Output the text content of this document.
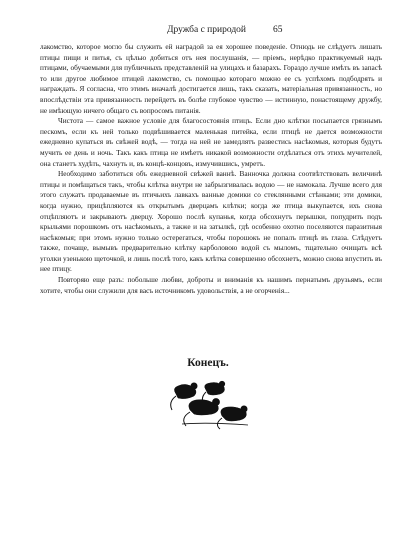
Дружба с природой	65

лакомство, которое могло бы служить ей наградой за ея хорошее поведеніе. Отнюдь не слѣдуетъ лишать птицы пищи и питья, съ цѣлью добиться отъ нея послушанія, — пріемъ, нерѣдко практикуемый надъ птицами, обучаемыми для публичныхъ представленій на улицахъ и базарахъ. Гораздо лучше имѣть въ запасѣ то или другое любимое птицей лакомство, съ помощью котораго можно ее съ успѣхомъ подбодрять и награждать. Я согласна, что этимъ вначалѣ достигается лишь, такъ сказать, матеріальная привязанность, но впослѣдствіи эта привязанность перейдетъ въ болѣе глубокое чувство — истинную, понастоящему дружбу, не имѣющую ничего общаго съ вопросомъ питанія.

Чистота — самое важное условіе для благосостоянія птицъ. Если дно клѣтки посыпается грязнымъ пескомъ, если къ ней только подвѣшивается маленькая питейка, если птицѣ не дается возможности ежедневно купаться въ свѣжей водѣ, — тогда на ней не замедлятъ развестись насѣкомыя, которыя будутъ мучить ее день и ночь. Такъ какъ птица не имѣетъ никакой возможности отдѣлаться отъ этихъ мучителей, она станетъ худѣть, чахнуть и, въ концѣ-концовъ, измучившись, умретъ.

Необходимо заботиться объ ежедневной свѣжей ваннѣ. Ванночка должна соотвѣтствовать величинѣ птицы и помѣщаться такъ, чтобы клѣтка внутри не забрызгивалась водою — не намокала. Лучше всего для этого служатъ продаваемые въ птичьихъ лавкахъ ванные домики со стеклянными стѣнками; эти домики, когда нужно, прицѣпляются къ открытымъ дверцамъ клѣтки; когда же птица выкупается, ихъ снова отцѣпляютъ и закрываютъ дверцу. Хорошо послѣ купанья, когда обсохнутъ перышки, попудрить подъ крыльями порошкомъ отъ насѣкомыхъ, а также и на затылкѣ, гдѣ особенно охотно поселяются паразитныя насѣкомыя; при этомъ нужно только остерегаться, чтобы порошокъ не попалъ птицѣ въ глаза. Слѣдуетъ также, почаще, вымывъ предварительно клѣтку карболовою водой съ мыломъ, тщательно очищать всѣ уголки узенькою щеточкой, и лишь послѣ того, какъ клѣтка совершенно обсохнетъ, можно снова впустить въ нее птицу.

Повторяю еще разъ: побольше любви, доброты и вниманія къ нашимъ пернатымъ друзьямъ, если хотите, чтобы они служили для васъ источникомъ удовольствія, а не огорченія...

Конецъ.
